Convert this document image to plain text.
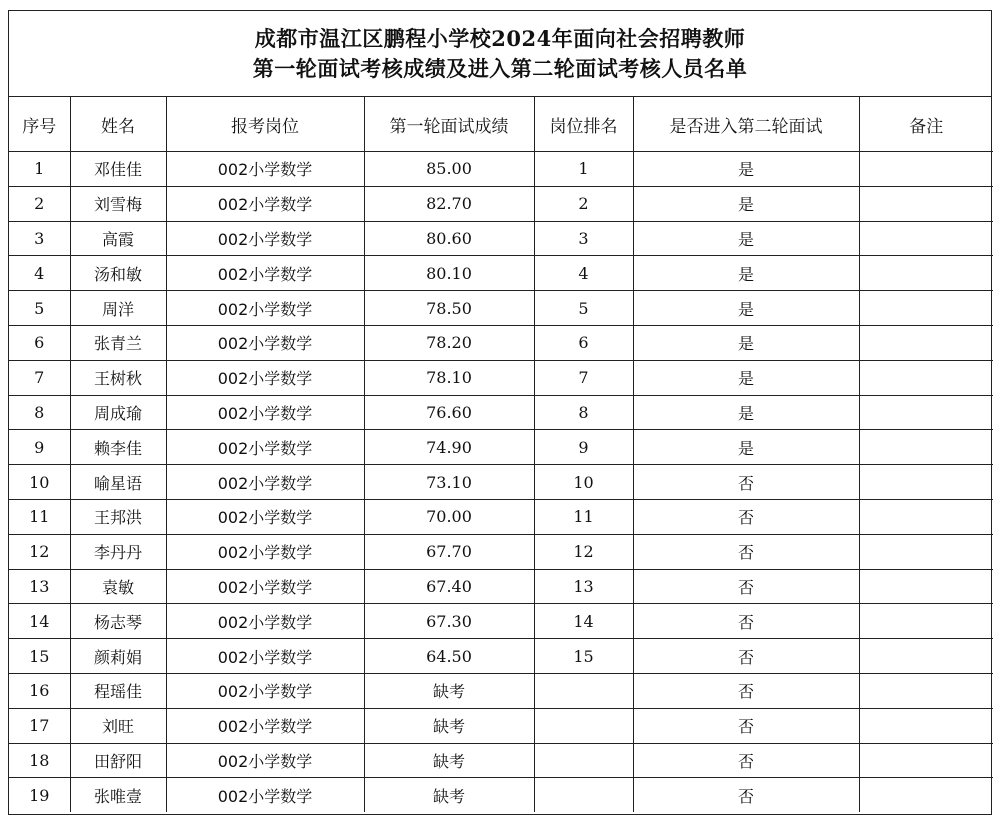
成都市温江区鹏程小学校2024年面向社会招聘教师
第一轮面试考核成绩及进入第二轮面试考核人员名单
序号	姓名	报考岗位	第一轮面试成绩	岗位排名	是否进入第二轮面试	备注
1	邓佳佳	002小学数学	85.00	1	是	
2	刘雪梅	002小学数学	82.70	2	是	
3	高霞	002小学数学	80.60	3	是	
4	汤和敏	002小学数学	80.10	4	是	
5	周洋	002小学数学	78.50	5	是	
6	张青兰	002小学数学	78.20	6	是	
7	王树秋	002小学数学	78.10	7	是	
8	周成瑜	002小学数学	76.60	8	是	
9	赖李佳	002小学数学	74.90	9	是	
10	喻星语	002小学数学	73.10	10	否	
11	王邦洪	002小学数学	70.00	11	否	
12	李丹丹	002小学数学	67.70	12	否	
13	袁敏	002小学数学	67.40	13	否	
14	杨志琴	002小学数学	67.30	14	否	
15	颜莉娟	002小学数学	64.50	15	否	
16	程瑶佳	002小学数学	缺考		否	
17	刘旺	002小学数学	缺考		否	
18	田舒阳	002小学数学	缺考		否	
19	张唯壹	002小学数学	缺考		否	
